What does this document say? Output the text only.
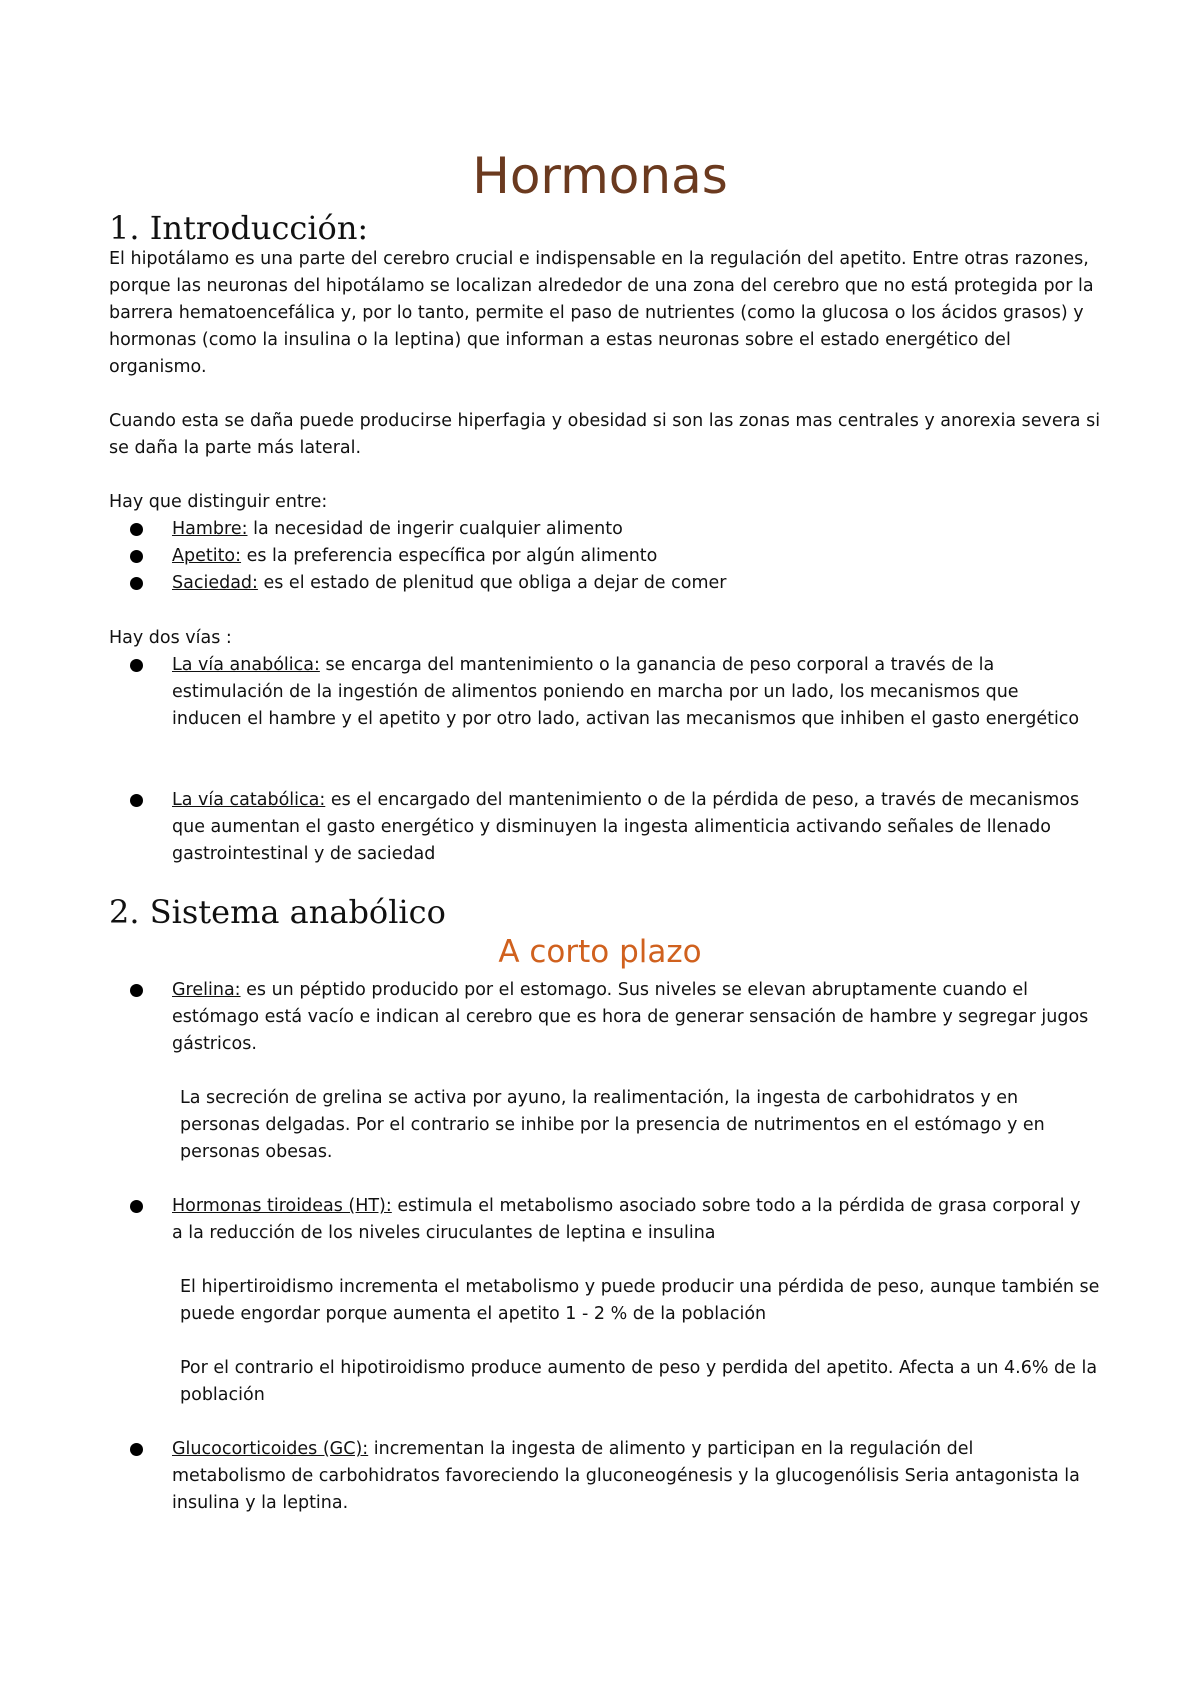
Hormonas
1. Introducción:

El hipotálamo es una parte del cerebro crucial e indispensable en la regulación del apetito. Entre otras razones, porque las neuronas del hipotálamo se localizan alrededor de una zona del cerebro que no está protegida por la barrera hematoencefálica y, por lo tanto, permite el paso de nutrientes (como la glucosa o los ácidos grasos) y hormonas (como la insulina o la leptina) que informan a estas neuronas sobre el estado energético del organismo.

Cuando esta se daña puede producirse hiperfagia y obesidad si son las zonas mas centrales y anorexia severa si se daña la parte más lateral.

Hay que distinguir entre:

Hambre: la necesidad de ingerir cualquier alimento
Apetito: es la preferencia específica por algún alimento
Saciedad: es el estado de plenitud que obliga a dejar de comer

Hay dos vías :

La vía anabólica: se encarga del mantenimiento o la ganancia de peso corporal a través de la estimulación de la ingestión de alimentos poniendo en marcha por un lado, los mecanismos que inducen el hambre y el apetito y por otro lado, activan las mecanismos que inhiben el gasto energético
La vía catabólica: es el encargado del mantenimiento o de la pérdida de peso, a través de mecanismos que aumentan el gasto energético y disminuyen la ingesta alimenticia activando señales de llenado gastrointestinal y de saciedad
2. Sistema anabólico
A corto plazo
Grelina: es un péptido producido por el estomago. Sus niveles se elevan abruptamente cuando el estómago está vacío e indican al cerebro que es hora de generar sensación de hambre y segregar jugos gástricos.
La secreción de grelina se activa por ayuno, la realimentación, la ingesta de carbohidratos y en personas delgadas. Por el contrario se inhibe por la presencia de nutrimentos en el estómago y en personas obesas.
Hormonas tiroideas (HT): estimula el metabolismo asociado sobre todo a la pérdida de grasa corporal y a la reducción de los niveles ciruculantes de leptina e insulina
El hipertiroidismo incrementa el metabolismo y puede producir una pérdida de peso, aunque también se puede engordar porque aumenta el apetito 1 - 2 % de la población
Por el contrario el hipotiroidismo produce aumento de peso y perdida del apetito. Afecta a un 4.6% de la población
Glucocorticoides (GC): incrementan la ingesta de alimento y participan en la regulación del metabolismo de carbohidratos favoreciendo la gluconeogénesis y la glucogenólisis Seria antagonista la insulina y la leptina.
